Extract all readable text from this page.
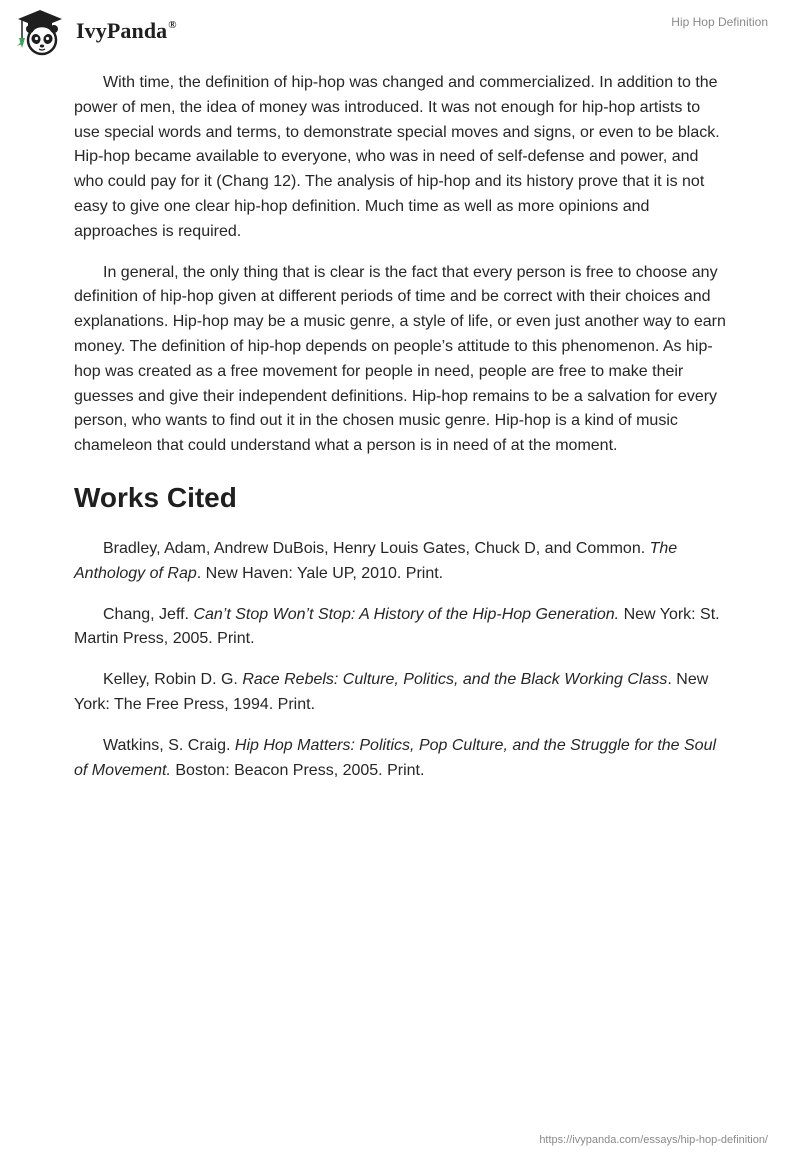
IvyPanda®	Hip Hop Definition

With time, the definition of hip-hop was changed and commercialized. In addition to the power of men, the idea of money was introduced. It was not enough for hip-hop artists to use special words and terms, to demonstrate special moves and signs, or even to be black. Hip-hop became available to everyone, who was in need of self-defense and power, and who could pay for it (Chang 12). The analysis of hip-hop and its history prove that it is not easy to give one clear hip-hop definition. Much time as well as more opinions and approaches is required.

In general, the only thing that is clear is the fact that every person is free to choose any definition of hip-hop given at different periods of time and be correct with their choices and explanations. Hip-hop may be a music genre, a style of life, or even just another way to earn money. The definition of hip-hop depends on people’s attitude to this phenomenon. As hip-hop was created as a free movement for people in need, people are free to make their guesses and give their independent definitions. Hip-hop remains to be a salvation for every person, who wants to find out it in the chosen music genre. Hip-hop is a kind of music chameleon that could understand what a person is in need of at the moment.

Works Cited

Bradley, Adam, Andrew DuBois, Henry Louis Gates, Chuck D, and Common. The Anthology of Rap. New Haven: Yale UP, 2010. Print.

Chang, Jeff. Can’t Stop Won’t Stop: A History of the Hip-Hop Generation. New York: St. Martin Press, 2005. Print.

Kelley, Robin D. G. Race Rebels: Culture, Politics, and the Black Working Class. New York: The Free Press, 1994. Print.

Watkins, S. Craig. Hip Hop Matters: Politics, Pop Culture, and the Struggle for the Soul of Movement. Boston: Beacon Press, 2005. Print.

https://ivypanda.com/essays/hip-hop-definition/
